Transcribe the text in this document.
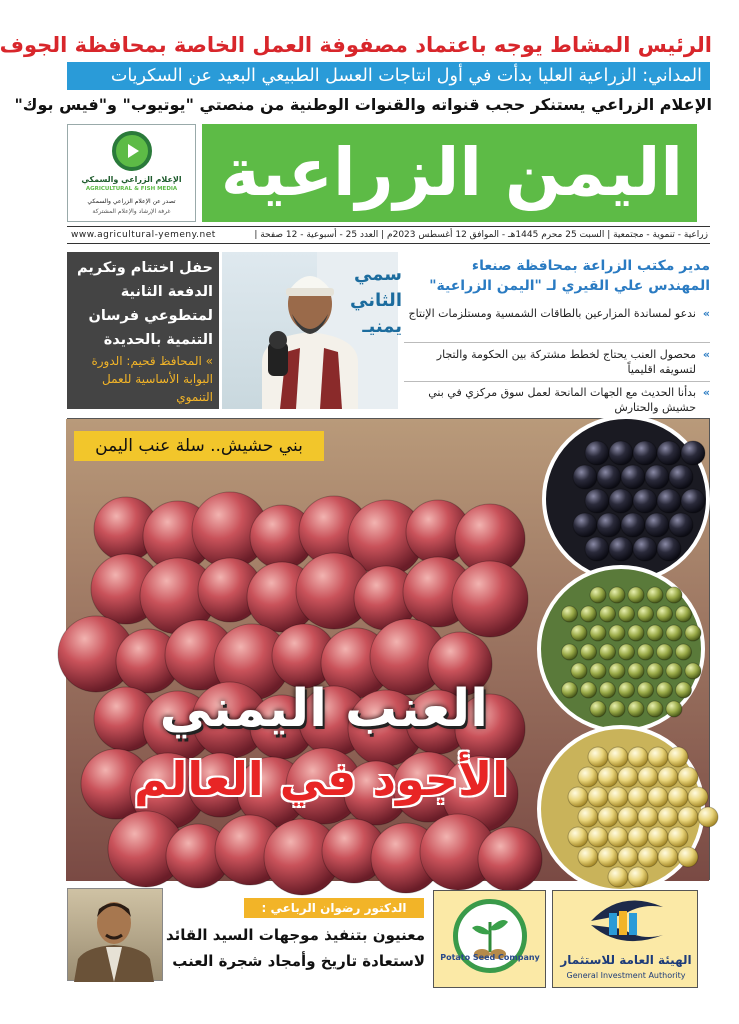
الرئيس المشاط يوجه باعتماد مصفوفة العمل الخاصة بمحافظة الجوف
المداني: الزراعية العليا بدأت في أول انتاجات العسل الطبيعي البعيد عن السكريات
الإعلام الزراعي يستنكر حجب قنواته والقنوات الوطنية من منصتي "يوتيوب" و"فيس بوك"
اليمن الزراعية
الإعلام الزراعي والسمكي
AGRICULTURAL & FISH MEDIA
تصدر عن الإعلام الزراعي والسمكي
غرفة الإرشاد والإعلام المشتركة
زراعية - تنموية - مجتمعية | السبت 25 محرم 1445هـ - الموافق 12 أغسطس 2023م | العدد 25 - أسبوعية - 12 صفحة |
www.agricultural-yemeny.net
حفل اختتام وتكريم الدفعة الثانية لمتطوعي فرسان التنمية بالحديدة
» المحافظ قحيم: الدورة البوابة الأساسية للعمل التنموي
سمي الثاني يمنيـ
مدير مكتب الزراعة بمحافظة صنعاء
المهندس علي القيري لـ "اليمن الزراعية"
»
ندعو لمساندة المزارعين بالطاقات الشمسية ومستلزمات الإنتاج
»
محصول العنب يحتاج لخطط مشتركة بين الحكومة والتجار لتسويقه اقليمياً
»
بدأنا الحديث مع الجهات المانحة لعمل سوق مركزي في بني حشيش والحتارش
بني حشيش.. سلة عنب اليمن
العنب اليمني
الأجود في العالم
الدكتور رضوان الرباعي :
معنيون بتنفيذ موجهات السيد القائد
لاستعادة تاريخ وأمجاد شجرة العنب Potato Seed Company	الهيئة العامة للاستثمار
General Investment Authority
